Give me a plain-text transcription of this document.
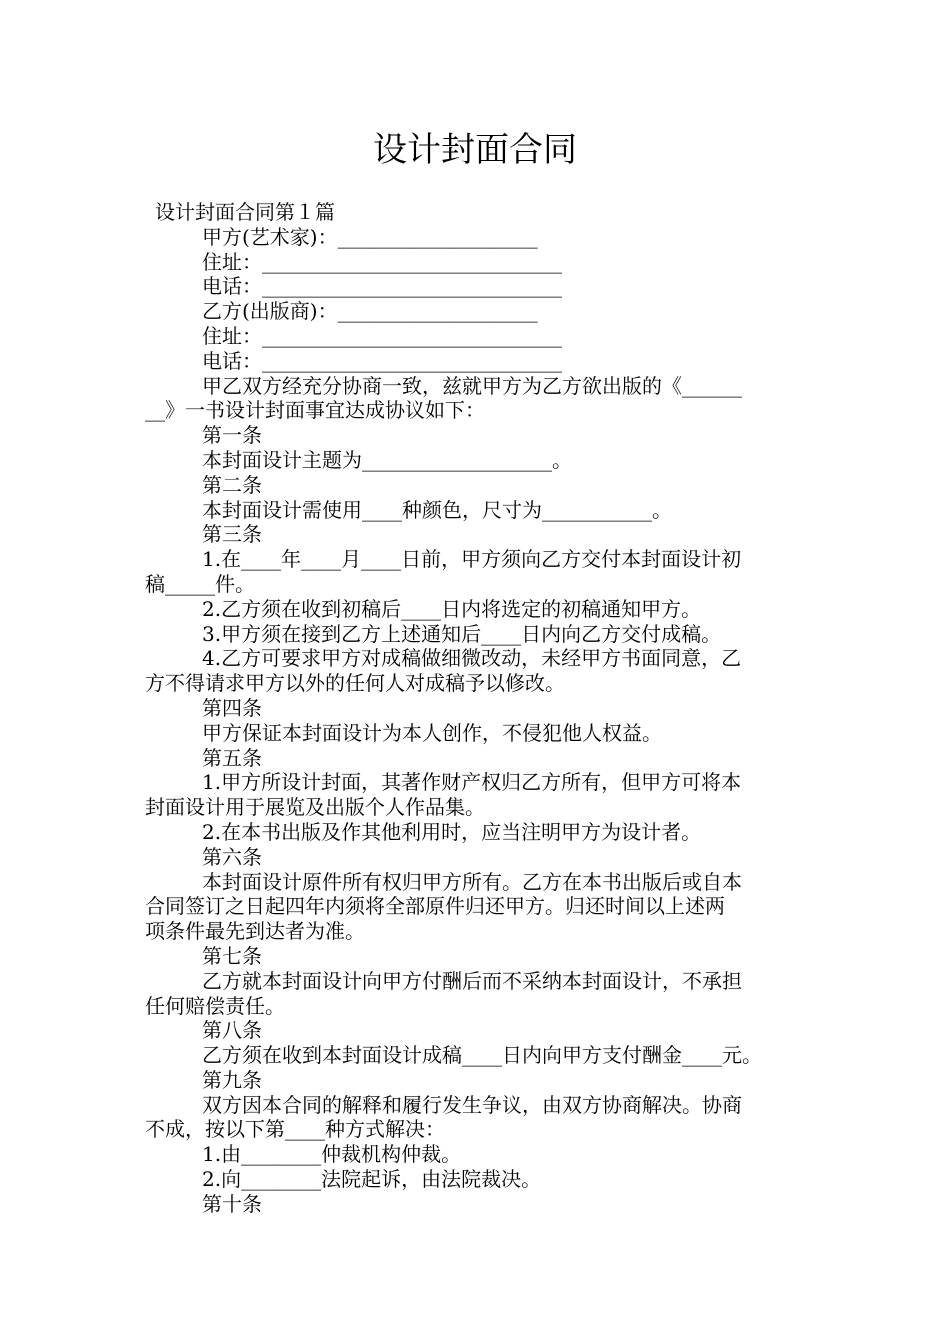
设计封面合同
设计封面合同第１篇
甲方(艺术家)：____________________
住址：______________________________
电话：______________________________
乙方(出版商)：____________________
住址：______________________________
电话：______________________________
甲乙双方经充分协商一致，兹就甲方为乙方欲出版的《______
__》一书设计封面事宜达成协议如下：
第一条
本封面设计主题为___________________。
第二条
本封面设计需使用____种颜色，尺寸为___________。
第三条
1.在____年____月____日前，甲方须向乙方交付本封面设计初
稿_____件。
2.乙方须在收到初稿后____日内将选定的初稿通知甲方。
3.甲方须在接到乙方上述通知后____日内向乙方交付成稿。
4.乙方可要求甲方对成稿做细微改动，未经甲方书面同意，乙
方不得请求甲方以外的任何人对成稿予以修改。
第四条
甲方保证本封面设计为本人创作，不侵犯他人权益。
第五条
1.甲方所设计封面，其著作财产权归乙方所有，但甲方可将本
封面设计用于展览及出版个人作品集。
2.在本书出版及作其他利用时，应当注明甲方为设计者。
第六条
本封面设计原件所有权归甲方所有。乙方在本书出版后或自本
合同签订之日起四年内须将全部原件归还甲方。归还时间以上述两
项条件最先到达者为准。
第七条
乙方就本封面设计向甲方付酬后而不采纳本封面设计，不承担
任何赔偿责任。
第八条
乙方须在收到本封面设计成稿____日内向甲方支付酬金____元。
第九条
双方因本合同的解释和履行发生争议，由双方协商解决。协商
不成，按以下第____种方式解决：
1.由________仲裁机构仲裁。
2.向________法院起诉，由法院裁决。
第十条
